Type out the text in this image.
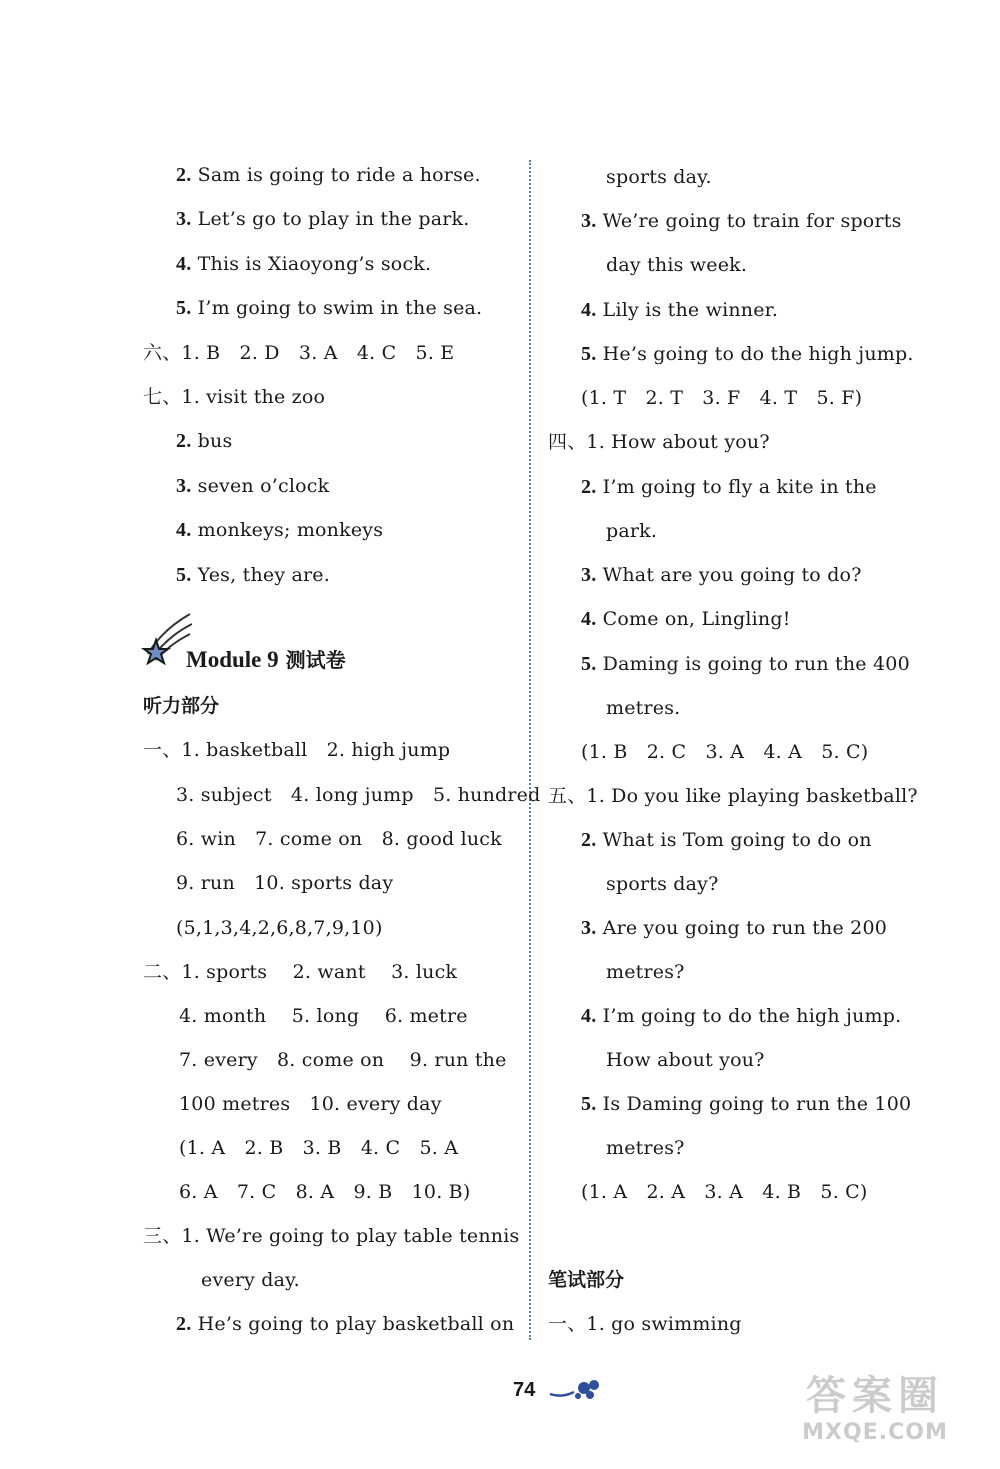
2. Sam is going to ride a horse.
3. Let’s go to play in the park.
4. This is Xiaoyong’s sock.
5. I’m going to swim in the sea.
六、1. B　2. D　3. A　4. C　5. E
七、1. visit the zoo
2. bus
3. seven o’clock
4. monkeys; monkeys
5. Yes, they are.
Module 9 测试卷
听力部分
一、1. basketball　2. high jump
3. subject　4. long jump　5. hundred
6. win　7. come on　8. good luck
9. run　10. sports day
(5,1,3,4,2,6,8,7,9,10)
二、1. sports　 2. want　 3. luck
4. month　 5. long　 6. metre
7. every　8. come on　 9. run the
100 metres　10. every day
(1. A　2. B　3. B　4. C　5. A
6. A　7. C　8. A　9. B　10. B)
三、1. We’re going to play table tennis
every day.
2. He’s going to play basketball on
sports day.
3. We’re going to train for sports
day this week.
4. Lily is the winner.
5. He’s going to do the high jump.
(1. T　2. T　3. F　4. T　5. F)
四、1. How about you?
2. I’m going to fly a kite in the
park.
3. What are you going to do?
4. Come on, Lingling!
5. Daming is going to run the 400
metres.
(1. B　2. C　3. A　4. A　5. C)
五、1. Do you like playing basketball?
2. What is Tom going to do on
sports day?
3. Are you going to run the 200
metres?
4. I’m going to do the high jump.
How about you?
5. Is Daming going to run the 100
metres?
(1. A　2. A　3. A　4. B　5. C)
笔试部分
一、1. go swimming
74	答案圈
MXQE.COM
